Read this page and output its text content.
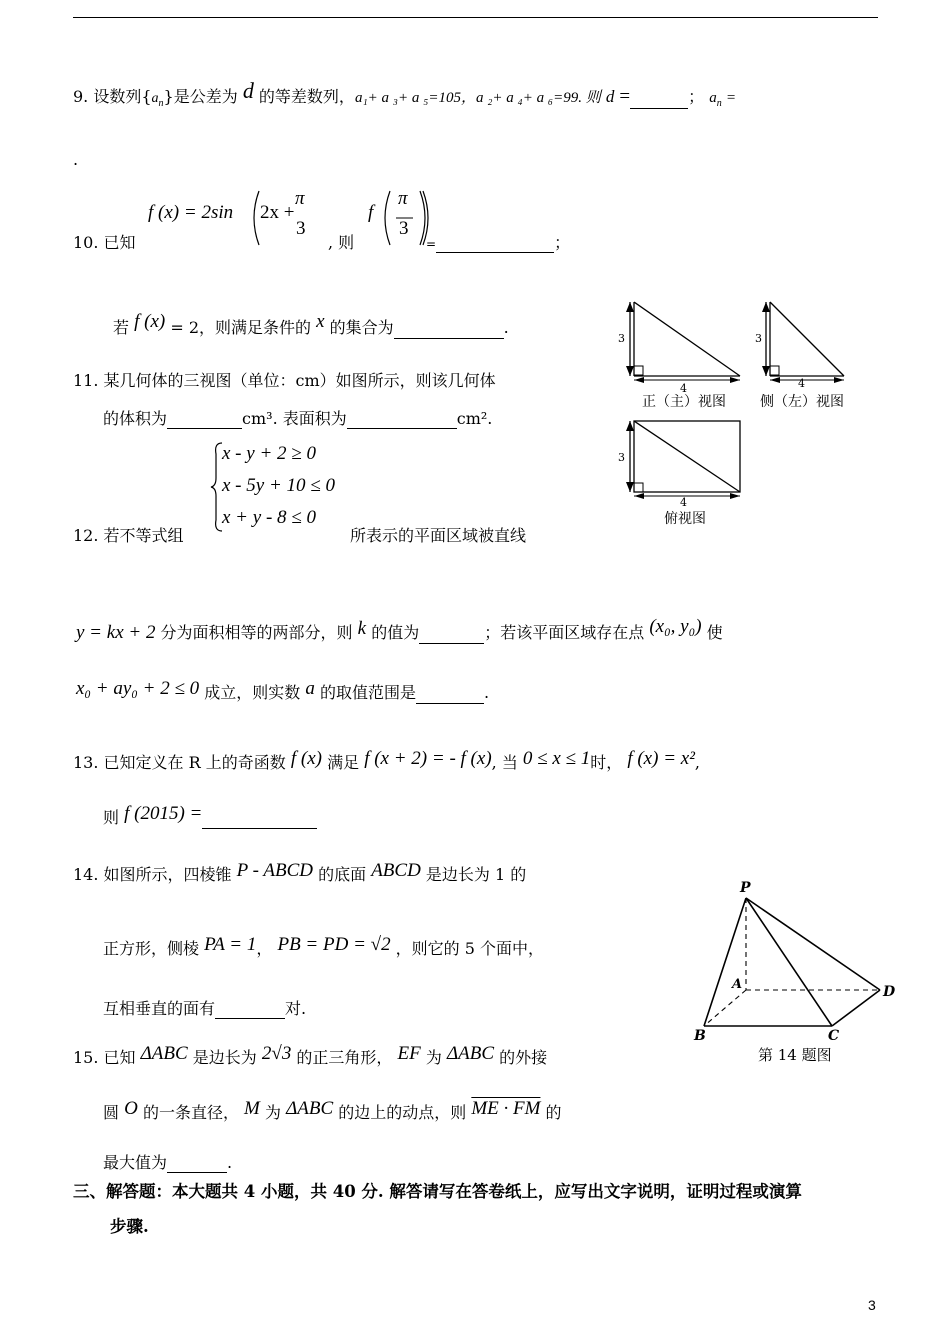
9. 设数列$\{a_n\}$是公差为 d 的等差数列，a₁+ a ₃+ a ₅=105，a ₂+ a ₄+ a ₆=99. 则 d =	； $a_n$ =
.
10. 已知
f (x) = 2sin 2x +
π
3
, 则
f
π
3
=	；
若 f (x) = 2，则满足条件的 x 的集合为	.
11. 某几何体的三视图（单位：cm）如图所示，则该几何体
的体积为	cm³. 表面积为	cm².
3
4
正（主）视图
3
4
侧（左）视图
3
4
俯视图
x - y + 2 ≥ 0
x - 5y + 10 ≤ 0
x + y - 8 ≤ 0
12. 若不等式组	所表示的平面区域被直线
y = kx + 2 分为面积相等的两部分，则 k 的值为	；若该平面区域存在点 (x₀, y₀) 使
x₀ + ay₀ + 2 ≤ 0 成立，则实数 a 的取值范围是	.
13. 已知定义在 R 上的奇函数 f (x) 满足 f (x + 2) = - f (x), 当 0 ≤ x ≤ 1时， f (x) = x²,
则 f (2015) =
14. 如图所示，四棱锥 P - ABCD 的底面 ABCD 是边长为 1 的
正方形，侧棱 PA = 1， PB = PD = √2 ，则它的 5 个面中，
互相垂直的面有	对.
P
A
B	C
D
第 14 题图
15. 已知 ΔABC 是边长为 2√3 的正三角形， EF 为 ΔABC 的外接
圆 O 的一条直径， M 为 ΔABC 的边上的动点，则 ME · FM 的
最大值为	.
三、解答题：本大题共 4 小题，共 40 分. 解答请写在答卷纸上，应写出文字说明，证明过程或演算
步骤.
3
